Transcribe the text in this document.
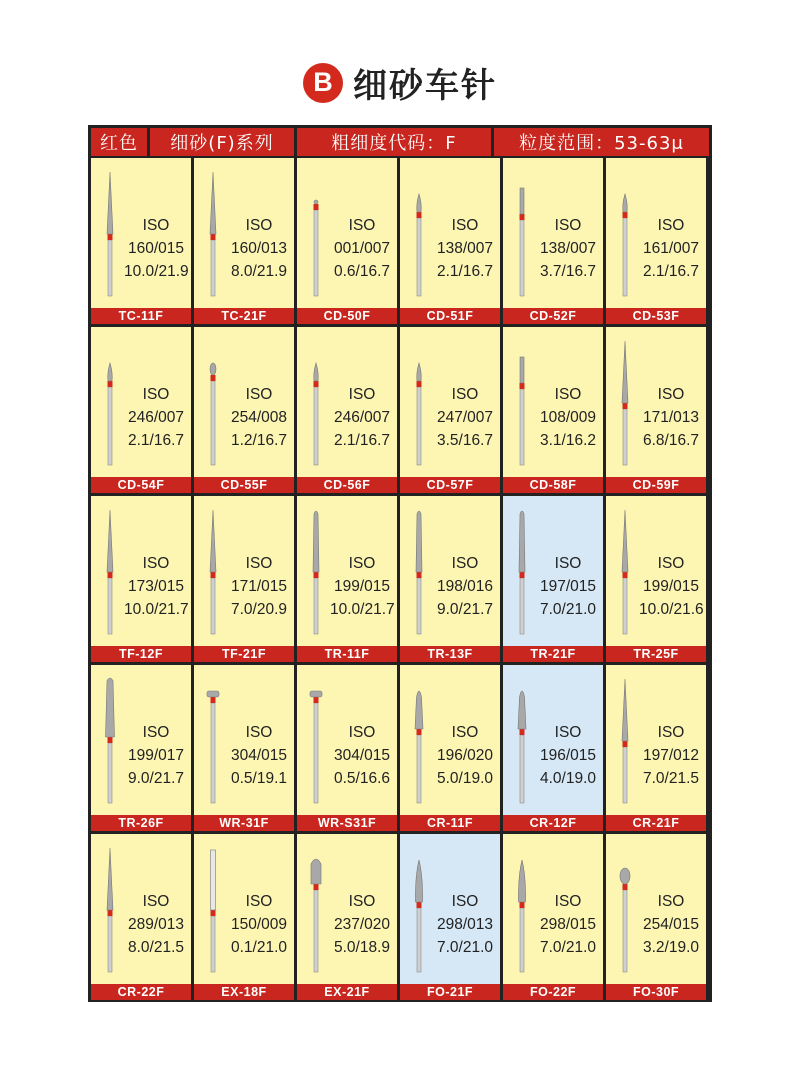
B 细砂车针
红色	细砂(F)系列	粗细度代码：F	粒度范围：53-63μ
ISO
160/015
10.0/21.9
TC-11F
ISO
160/013
8.0/21.9
TC-21F
ISO
001/007
0.6/16.7
CD-50F
ISO
138/007
2.1/16.7
CD-51F
ISO
138/007
3.7/16.7
CD-52F
ISO
161/007
2.1/16.7
CD-53F
ISO
246/007
2.1/16.7
CD-54F
ISO
254/008
1.2/16.7
CD-55F
ISO
246/007
2.1/16.7
CD-56F
ISO
247/007
3.5/16.7
CD-57F
ISO
108/009
3.1/16.2
CD-58F
ISO
171/013
6.8/16.7
CD-59F
ISO
173/015
10.0/21.7
TF-12F
ISO
171/015
7.0/20.9
TF-21F
ISO
199/015
10.0/21.7
TR-11F
ISO
198/016
9.0/21.7
TR-13F
ISO
197/015
7.0/21.0
TR-21F
ISO
199/015
10.0/21.6
TR-25F
ISO
199/017
9.0/21.7
TR-26F
ISO
304/015
0.5/19.1
WR-31F
ISO
304/015
0.5/16.6
WR-S31F
ISO
196/020
5.0/19.0
CR-11F
ISO
196/015
4.0/19.0
CR-12F
ISO
197/012
7.0/21.5
CR-21F
ISO
289/013
8.0/21.5
CR-22F
ISO
150/009
0.1/21.0
EX-18F
ISO
237/020
5.0/18.9
EX-21F
ISO
298/013
7.0/21.0
FO-21F
ISO
298/015
7.0/21.0
FO-22F
ISO
254/015
3.2/19.0
FO-30F
